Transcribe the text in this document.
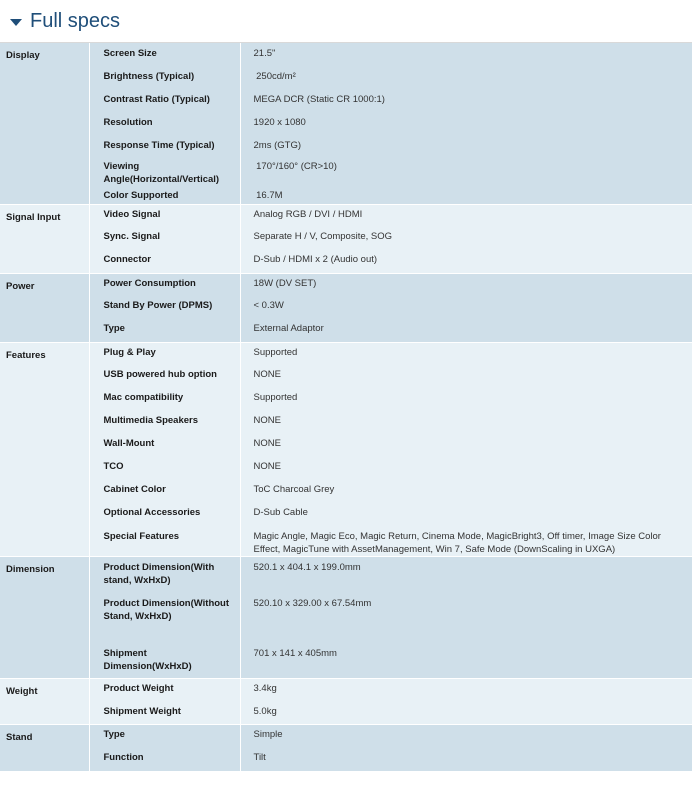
Full specs
Display	Screen Size	21.5"
	Brightness (Typical)	250cd/m²
	Contrast Ratio (Typical)	MEGA DCR (Static CR 1000:1)
	Resolution	1920 x 1080
	Response Time (Typical)	2ms (GTG)
	Viewing Angle(Horizontal/Vertical)	170°/160° (CR>10)
	Color Supported	16.7M
Signal Input	Video Signal	Analog RGB / DVI / HDMI
	Sync. Signal	Separate H / V, Composite, SOG
	Connector	D-Sub / HDMI x 2 (Audio out)
Power	Power Consumption	18W (DV SET)
	Stand By Power (DPMS)	< 0.3W
	Type	External Adaptor
Features	Plug & Play	Supported
	USB powered hub option	NONE
	Mac compatibility	Supported
	Multimedia Speakers	NONE
	Wall-Mount	NONE
	TCO	NONE
	Cabinet Color	ToC Charcoal Grey
	Optional Accessories	D-Sub Cable
	Special Features	Magic Angle, Magic Eco, Magic Return, Cinema Mode, MagicBright3, Off timer, Image Size Color Effect, MagicTune with AssetManagement, Win 7, Safe Mode (DownScaling in UXGA)
Dimension	Product Dimension(With stand, WxHxD)	520.1 x 404.1 x 199.0mm
	Product Dimension(Without Stand, WxHxD)	520.10 x 329.00 x 67.54mm
	Shipment Dimension(WxHxD)	701 x 141 x 405mm
Weight	Product Weight	3.4kg
	Shipment Weight	5.0kg
Stand	Type	Simple
	Function	Tilt
